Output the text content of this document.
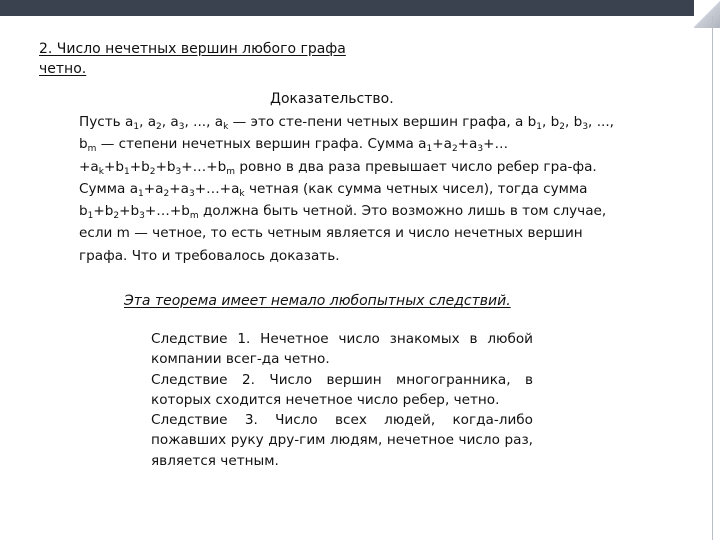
2. Число нечетных вершин любого графа четно.
Доказательство.

Пусть $a_1$, $a_2$, $a_3$, ..., $a_k$ — это сте-пени четных вершин графа, а $b_1$, $b_2$, $b_3$, ..., $b_m$ — степени нечетных вершин графа. Сумма $a_1+a_2+a_3+\dots+a_k+b_1+b_2+b_3+\dots+b_m$ ровно в два раза превышает число ребер гра-фа. Сумма $a_1+a_2+a_3+\dots+a_k$ четная (как сумма четных чисел), тогда сумма $b_1+b_2+b_3+\dots+b_m$ должна быть четной. Это возможно лишь в том случае, если m — четное, то есть четным является и число нечетных вершин графа. Что и требовалось доказать.

Эта теорема имеет немало любопытных следствий.

Следствие 1. Нечетное число знакомых в любой компании всег-да четно.

Следствие 2. Число вершин многогранника, в которых сходится нечетное число ребер, четно.

Следствие 3. Число всех людей, когда-либо пожавших руку дру-гим людям, нечетное число раз, является четным.
